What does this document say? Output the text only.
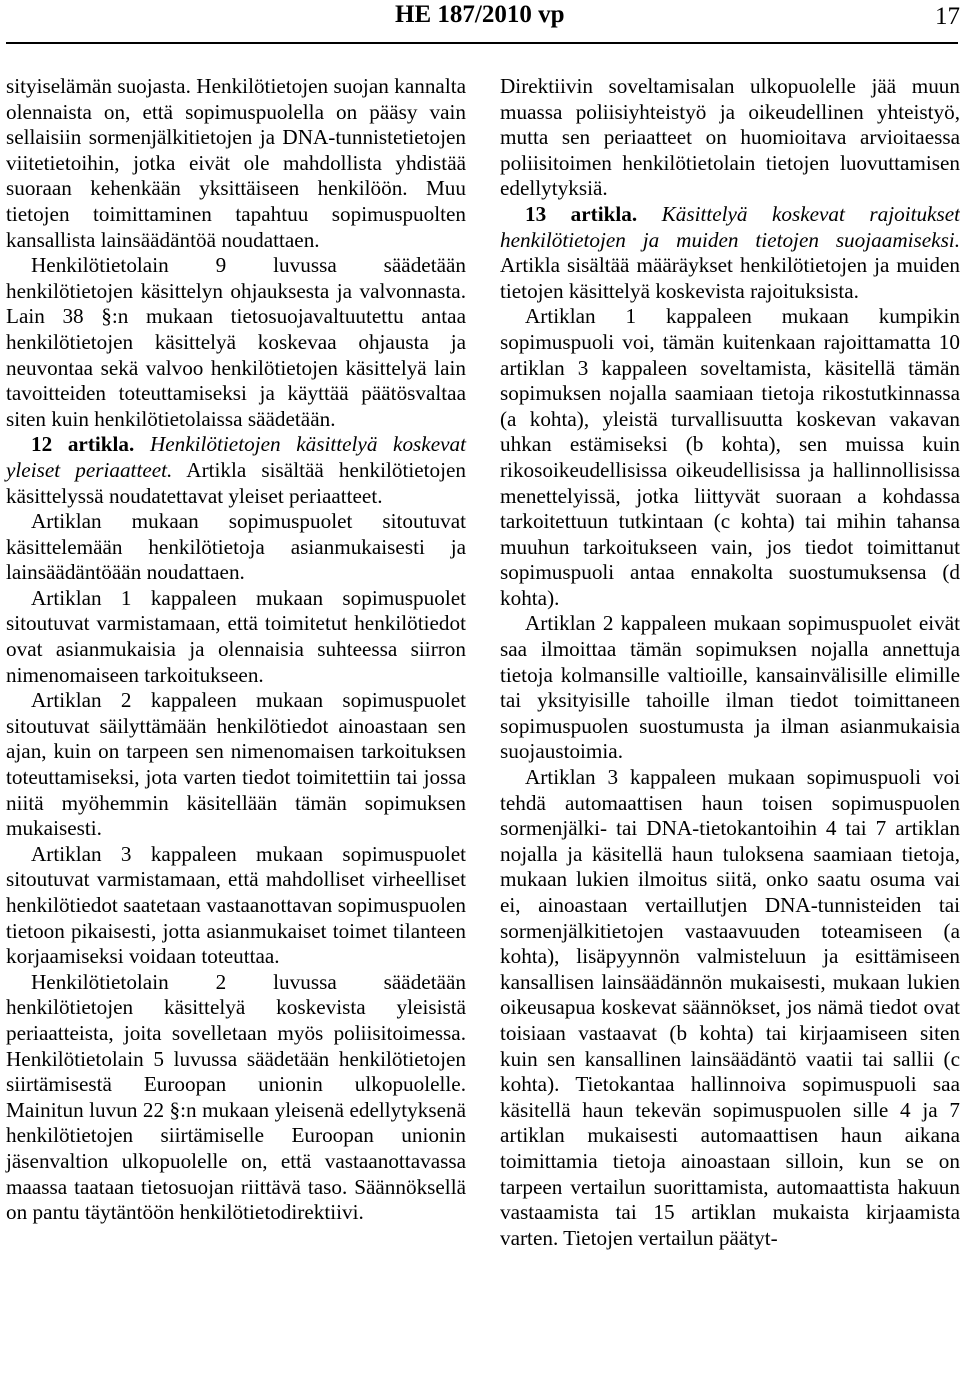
HE 187/2010 vp	17

sityiselämän suojasta. Henkilötietojen suojan kannalta olennaista on, että sopimuspuolella on pääsy vain sellaisiin sormenjälkitietojen ja DNA-tunnistetietojen viitetietoihin, jotka eivät ole mahdollista yhdistää suoraan kehenkään yksittäiseen henkilöön. Muu tietojen toimittaminen tapahtuu sopimuspuolten kansallista lainsäädäntöä noudattaen.

Henkilötietolain 9 luvussa säädetään henkilötietojen käsittelyn ohjauksesta ja valvonnasta. Lain 38 §:n mukaan tietosuojavaltuutettu antaa henkilötietojen käsittelyä koskevaa ohjausta ja neuvontaa sekä valvoo henkilötietojen käsittelyä lain tavoitteiden toteuttamiseksi ja käyttää päätösvaltaa siten kuin henkilötietolaissa säädetään.

12 artikla. Henkilötietojen käsittelyä koskevat yleiset periaatteet. Artikla sisältää henkilötietojen käsittelyssä noudatettavat yleiset periaatteet.

Artiklan mukaan sopimuspuolet sitoutuvat käsittelemään henkilötietoja asianmukaisesti ja lainsäädäntöään noudattaen.

Artiklan 1 kappaleen mukaan sopimuspuolet sitoutuvat varmistamaan, että toimitetut henkilötiedot ovat asianmukaisia ja olennaisia suhteessa siirron nimenomaiseen tarkoitukseen.

Artiklan 2 kappaleen mukaan sopimuspuolet sitoutuvat säilyttämään henkilötiedot ainoastaan sen ajan, kuin on tarpeen sen nimenomaisen tarkoituksen toteuttamiseksi, jota varten tiedot toimitettiin tai jossa niitä myöhemmin käsitellään tämän sopimuksen mukaisesti.

Artiklan 3 kappaleen mukaan sopimuspuolet sitoutuvat varmistamaan, että mahdolliset virheelliset henkilötiedot saatetaan vastaanottavan sopimuspuolen tietoon pikaisesti, jotta asianmukaiset toimet tilanteen korjaamiseksi voidaan toteuttaa.

Henkilötietolain 2 luvussa säädetään henkilötietojen käsittelyä koskevista yleisistä periaatteista, joita sovelletaan myös poliisitoimessa. Henkilötietolain 5 luvussa säädetään henkilötietojen siirtämisestä Euroopan unionin ulkopuolelle. Mainitun luvun 22 §:n mukaan yleisenä edellytyksenä henkilötietojen siirtämiselle Euroopan unionin jäsenvaltion ulkopuolelle on, että vastaanottavassa maassa taataan tietosuojan riittävä taso. Säännöksellä on pantu täytäntöön henkilötietodirektiivi.

Direktiivin soveltamisalan ulkopuolelle jää muun muassa poliisiyhteistyö ja oikeudellinen yhteistyö, mutta sen periaatteet on huomioitava arvioitaessa poliisitoimen henkilötietolain tietojen luovuttamisen edellytyksiä.

13 artikla. Käsittelyä koskevat rajoitukset henkilötietojen ja muiden tietojen suojaamiseksi. Artikla sisältää määräykset henkilötietojen ja muiden tietojen käsittelyä koskevista rajoituksista.

Artiklan 1 kappaleen mukaan kumpikin sopimuspuoli voi, tämän kuitenkaan rajoittamatta 10 artiklan 3 kappaleen soveltamista, käsitellä tämän sopimuksen nojalla saamiaan tietoja rikostutkinnassa (a kohta), yleistä turvallisuutta koskevan vakavan uhkan estämiseksi (b kohta), sen muissa kuin rikosoikeudellisissa oikeudellisissa ja hallinnollisissa menettelyissä, jotka liittyvät suoraan a kohdassa tarkoitettuun tutkintaan (c kohta) tai mihin tahansa muuhun tarkoitukseen vain, jos tiedot toimittanut sopimuspuoli antaa ennakolta suostumuksensa (d kohta).

Artiklan 2 kappaleen mukaan sopimuspuolet eivät saa ilmoittaa tämän sopimuksen nojalla annettuja tietoja kolmansille valtioille, kansainvälisille elimille tai yksityisille tahoille ilman tiedot toimittaneen sopimuspuolen suostumusta ja ilman asianmukaisia suojaustoimia.

Artiklan 3 kappaleen mukaan sopimuspuoli voi tehdä automaattisen haun toisen sopimuspuolen sormenjälki- tai DNA-tietokantoihin 4 tai 7 artiklan nojalla ja käsitellä haun tuloksena saamiaan tietoja, mukaan lukien ilmoitus siitä, onko saatu osuma vai ei, ainoastaan vertaillutjen DNA-tunnisteiden tai sormenjälkitietojen vastaavuuden toteamiseen (a kohta), lisäpyynnön valmisteluun ja esittämiseen kansallisen lainsäädännön mukaisesti, mukaan lukien oikeusapua koskevat säännökset, jos nämä tiedot ovat toisiaan vastaavat (b kohta) tai kirjaamiseen siten kuin sen kansallinen lainsäädäntö vaatii tai sallii (c kohta). Tietokantaa hallinnoiva sopimuspuoli saa käsitellä haun tekevän sopimuspuolen sille 4 ja 7 artiklan mukaisesti automaattisen haun aikana toimittamia tietoja ainoastaan silloin, kun se on tarpeen vertailun suorittamista, automaattista hakuun vastaamista tai 15 artiklan mukaista kirjaamista varten. Tietojen vertailun päätyt-
